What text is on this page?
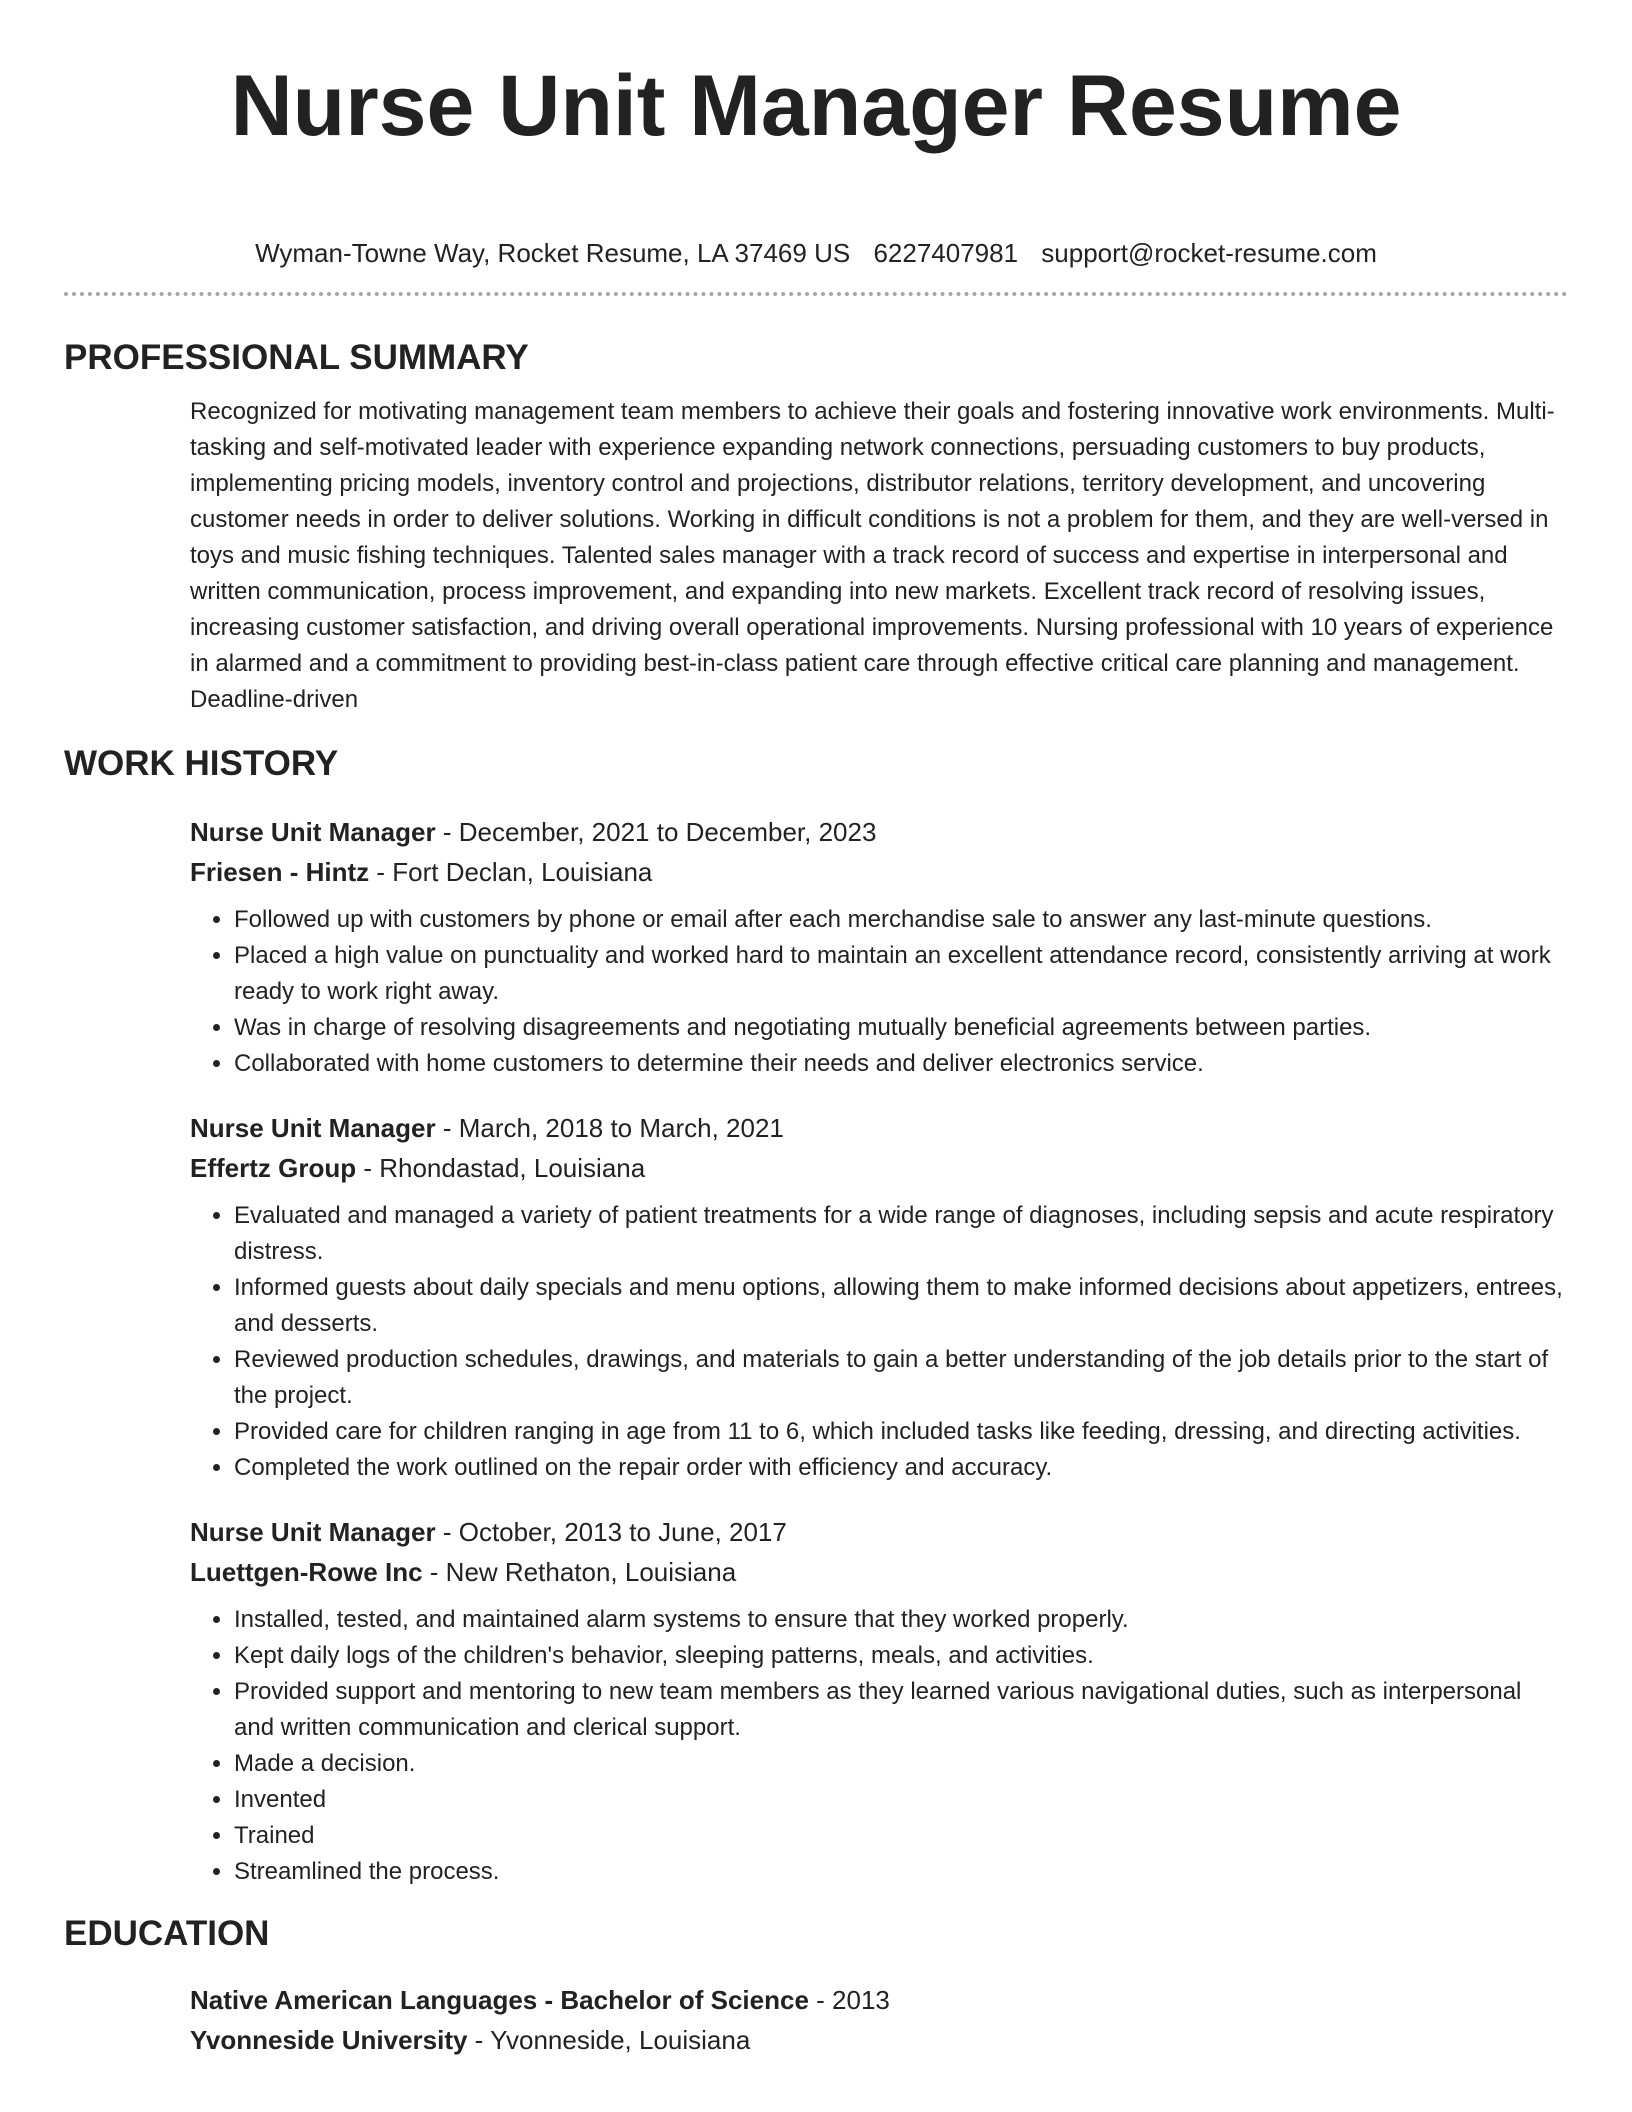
Nurse Unit Manager Resume
Wyman-Towne Way, Rocket Resume, LA 37469 US 6227407981 support@rocket-resume.com
PROFESSIONAL SUMMARY

Recognized for motivating management team members to achieve their goals and fostering innovative work environments. Multi-tasking and self-motivated leader with experience expanding network connections, persuading customers to buy products, implementing pricing models, inventory control and projections, distributor relations, territory development, and uncovering customer needs in order to deliver solutions. Working in difficult conditions is not a problem for them, and they are well-versed in toys and music fishing techniques. Talented sales manager with a track record of success and expertise in interpersonal and written communication, process improvement, and expanding into new markets. Excellent track record of resolving issues, increasing customer satisfaction, and driving overall operational improvements. Nursing professional with 10 years of experience in alarmed and a commitment to providing best-in-class patient care through effective critical care planning and management. Deadline-driven

WORK HISTORY
Nurse Unit Manager - December, 2021 to December, 2023
Friesen - Hintz - Fort Declan, Louisiana
• Followed up with customers by phone or email after each merchandise sale to answer any last-minute questions.
• Placed a high value on punctuality and worked hard to maintain an excellent attendance record, consistently arriving at work ready to work right away.
• Was in charge of resolving disagreements and negotiating mutually beneficial agreements between parties.
• Collaborated with home customers to determine their needs and deliver electronics service.
Nurse Unit Manager - March, 2018 to March, 2021
Effertz Group - Rhondastad, Louisiana
• Evaluated and managed a variety of patient treatments for a wide range of diagnoses, including sepsis and acute respiratory distress.
• Informed guests about daily specials and menu options, allowing them to make informed decisions about appetizers, entrees, and desserts.
• Reviewed production schedules, drawings, and materials to gain a better understanding of the job details prior to the start of the project.
• Provided care for children ranging in age from 11 to 6, which included tasks like feeding, dressing, and directing activities.
• Completed the work outlined on the repair order with efficiency and accuracy.
Nurse Unit Manager - October, 2013 to June, 2017
Luettgen-Rowe Inc - New Rethaton, Louisiana
• Installed, tested, and maintained alarm systems to ensure that they worked properly.
• Kept daily logs of the children's behavior, sleeping patterns, meals, and activities.
• Provided support and mentoring to new team members as they learned various navigational duties, such as interpersonal and written communication and clerical support.
• Made a decision.
• Invented
• Trained
• Streamlined the process.
EDUCATION
Native American Languages - Bachelor of Science - 2013
Yvonneside University - Yvonneside, Louisiana
